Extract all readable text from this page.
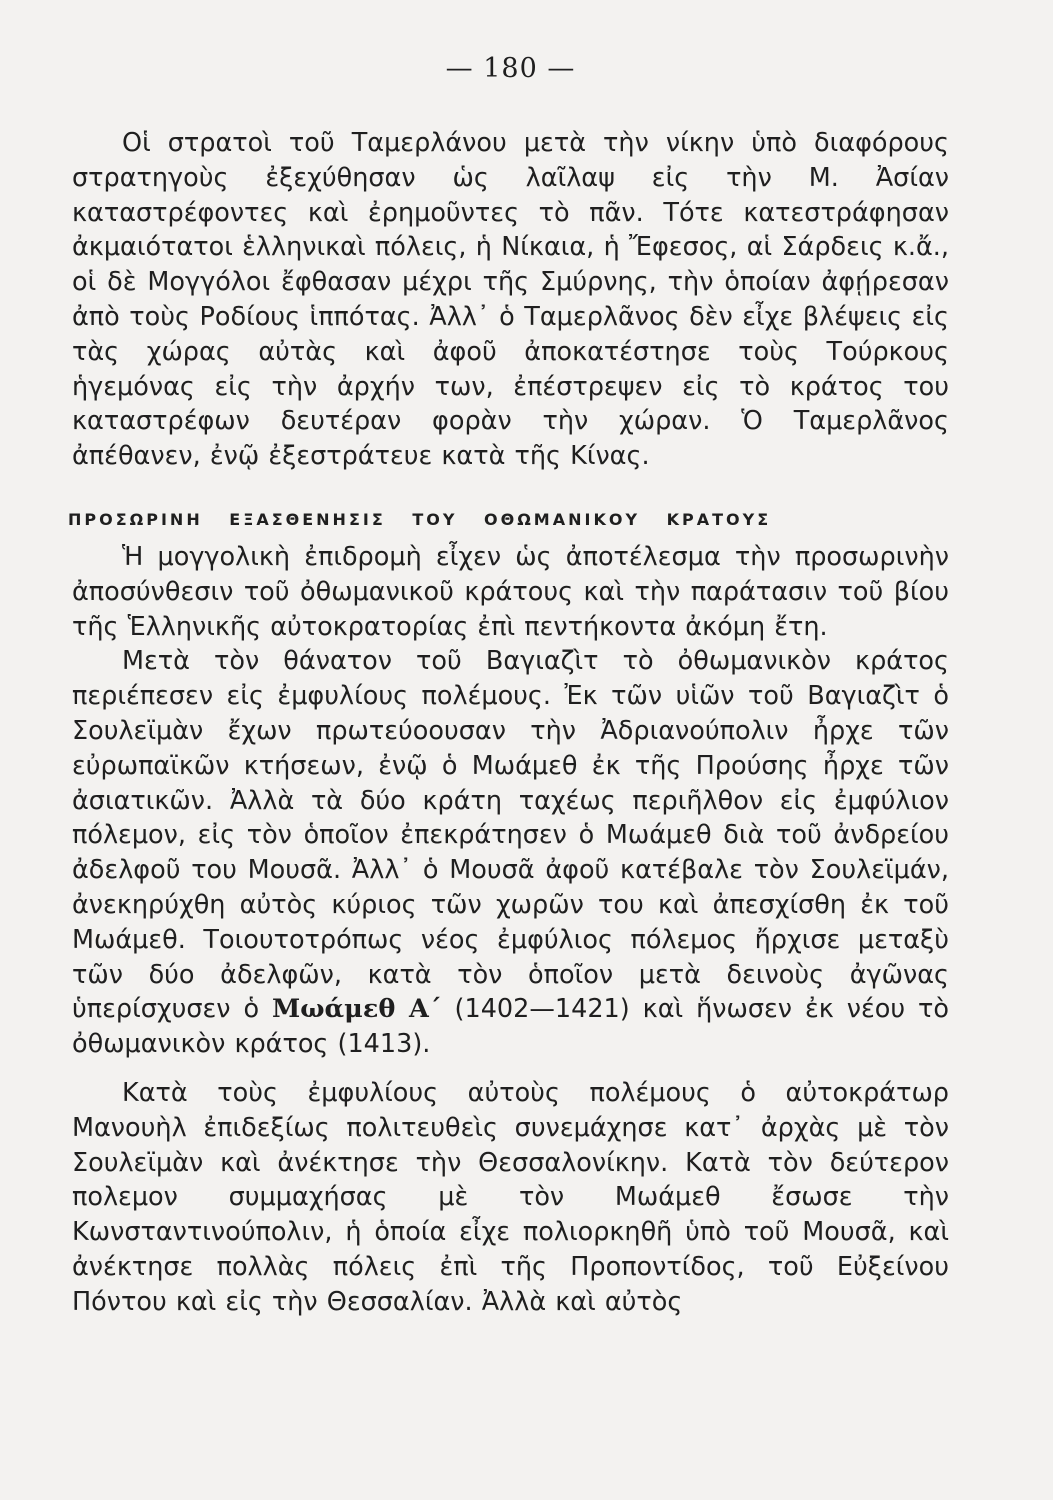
— 180 —

Οἱ στρατοὶ τοῦ Ταμερλάνου μετὰ τὴν νίκην ὑπὸ διαφόρους στρατηγοὺς ἐξεχύθησαν ὡς λαῖλαψ εἰς τὴν Μ. Ἀσίαν καταστρέφοντες καὶ ἐρημοῦντες τὸ πᾶν. Τότε κατεστράφησαν ἀκμαιότατοι ἑλληνικαὶ πόλεις, ἡ Νίκαια, ἡ Ἔφεσος, αἱ Σάρδεις κ.ἄ., οἱ δὲ Μογγόλοι ἔφθασαν μέχρι τῆς Σμύρνης, τὴν ὁποίαν ἀφῄρεσαν ἀπὸ τοὺς Ροδίους ἱππότας. Ἀλλ᾽ ὁ Ταμερλᾶνος δὲν εἶχε βλέψεις εἰς τὰς χώρας αὐτὰς καὶ ἀφοῦ ἀποκατέστησε τοὺς Τούρκους ἡγεμόνας εἰς τὴν ἀρχήν των, ἐπέστρεψεν εἰς τὸ κράτος του καταστρέφων δευτέραν φορὰν τὴν χώραν. Ὁ Ταμερλᾶνος ἀπέθανεν, ἐνῷ ἐξεστράτευε κατὰ τῆς Κίνας.

ΠΡΟΣΩΡΙΝΗ ΕΞΑΣΘΕΝΗΣΙΣ ΤΟΥ ΟΘΩΜΑΝΙΚΟΥ ΚΡΑΤΟΥΣ

Ἡ μογγολικὴ ἐπιδρομὴ εἶχεν ὡς ἀποτέλεσμα τὴν προσωρινὴν ἀποσύνθεσιν τοῦ ὀθωμανικοῦ κράτους καὶ τὴν παράτασιν τοῦ βίου τῆς Ἑλληνικῆς αὐτοκρατορίας ἐπὶ πεντήκοντα ἀκόμη ἔτη.

Μετὰ τὸν θάνατον τοῦ Βαγιαζὶτ τὸ ὀθωμανικὸν κράτος περιέπεσεν εἰς ἐμφυλίους πολέμους. Ἐκ τῶν υἱῶν τοῦ Βαγιαζὶτ ὁ Σουλεϊμὰν ἔχων πρωτεύοουσαν τὴν Ἀδριανούπολιν ἦρχε τῶν εὐρωπαϊκῶν κτήσεων, ἐνῷ ὁ Μωάμεθ ἐκ τῆς Προύσης ἦρχε τῶν ἀσιατικῶν. Ἀλλὰ τὰ δύο κράτη ταχέως περιῆλθον εἰς ἐμφύλιον πόλεμον, εἰς τὸν ὁποῖον ἐπεκράτησεν ὁ Μωάμεθ διὰ τοῦ ἀνδρείου ἀδελφοῦ του Μουσᾶ. Ἀλλ᾽ ὁ Μουσᾶ ἀφοῦ κατέβαλε τὸν Σουλεϊμάν, ἀνεκηρύχθη αὐτὸς κύριος τῶν χωρῶν του καὶ ἀπεσχίσθη ἐκ τοῦ Μωάμεθ. Τοιουτοτρόπως νέος ἐμφύλιος πόλεμος ἤρχισε μεταξὺ τῶν δύο ἀδελφῶν, κατὰ τὸν ὁποῖον μετὰ δεινοὺς ἀγῶνας ὑπερίσχυσεν ὁ Μωάμεθ Α΄ (1402—1421) καὶ ἥνωσεν ἐκ νέου τὸ ὀθωμανικὸν κράτος (1413).

Κατὰ τοὺς ἐμφυλίους αὐτοὺς πολέμους ὁ αὐτοκράτωρ Μανουὴλ ἐπιδεξίως πολιτευθεὶς συνεμάχησε κατ᾽ ἀρχὰς μὲ τὸν Σουλεϊμὰν καὶ ἀνέκτησε τὴν Θεσσαλονίκην. Κατὰ τὸν δεύτερον πολεμον συμμαχήσας μὲ τὸν Μωάμεθ ἔσωσε τὴν Κωνσταντινούπολιν, ἡ ὁποία εἶχε πολιορκηθῆ ὑπὸ τοῦ Μουσᾶ, καὶ ἀνέκτησε πολλὰς πόλεις ἐπὶ τῆς Προποντίδος, τοῦ Εὐξείνου Πόντου καὶ εἰς τὴν Θεσσαλίαν. Ἀλλὰ καὶ αὐτὸς
